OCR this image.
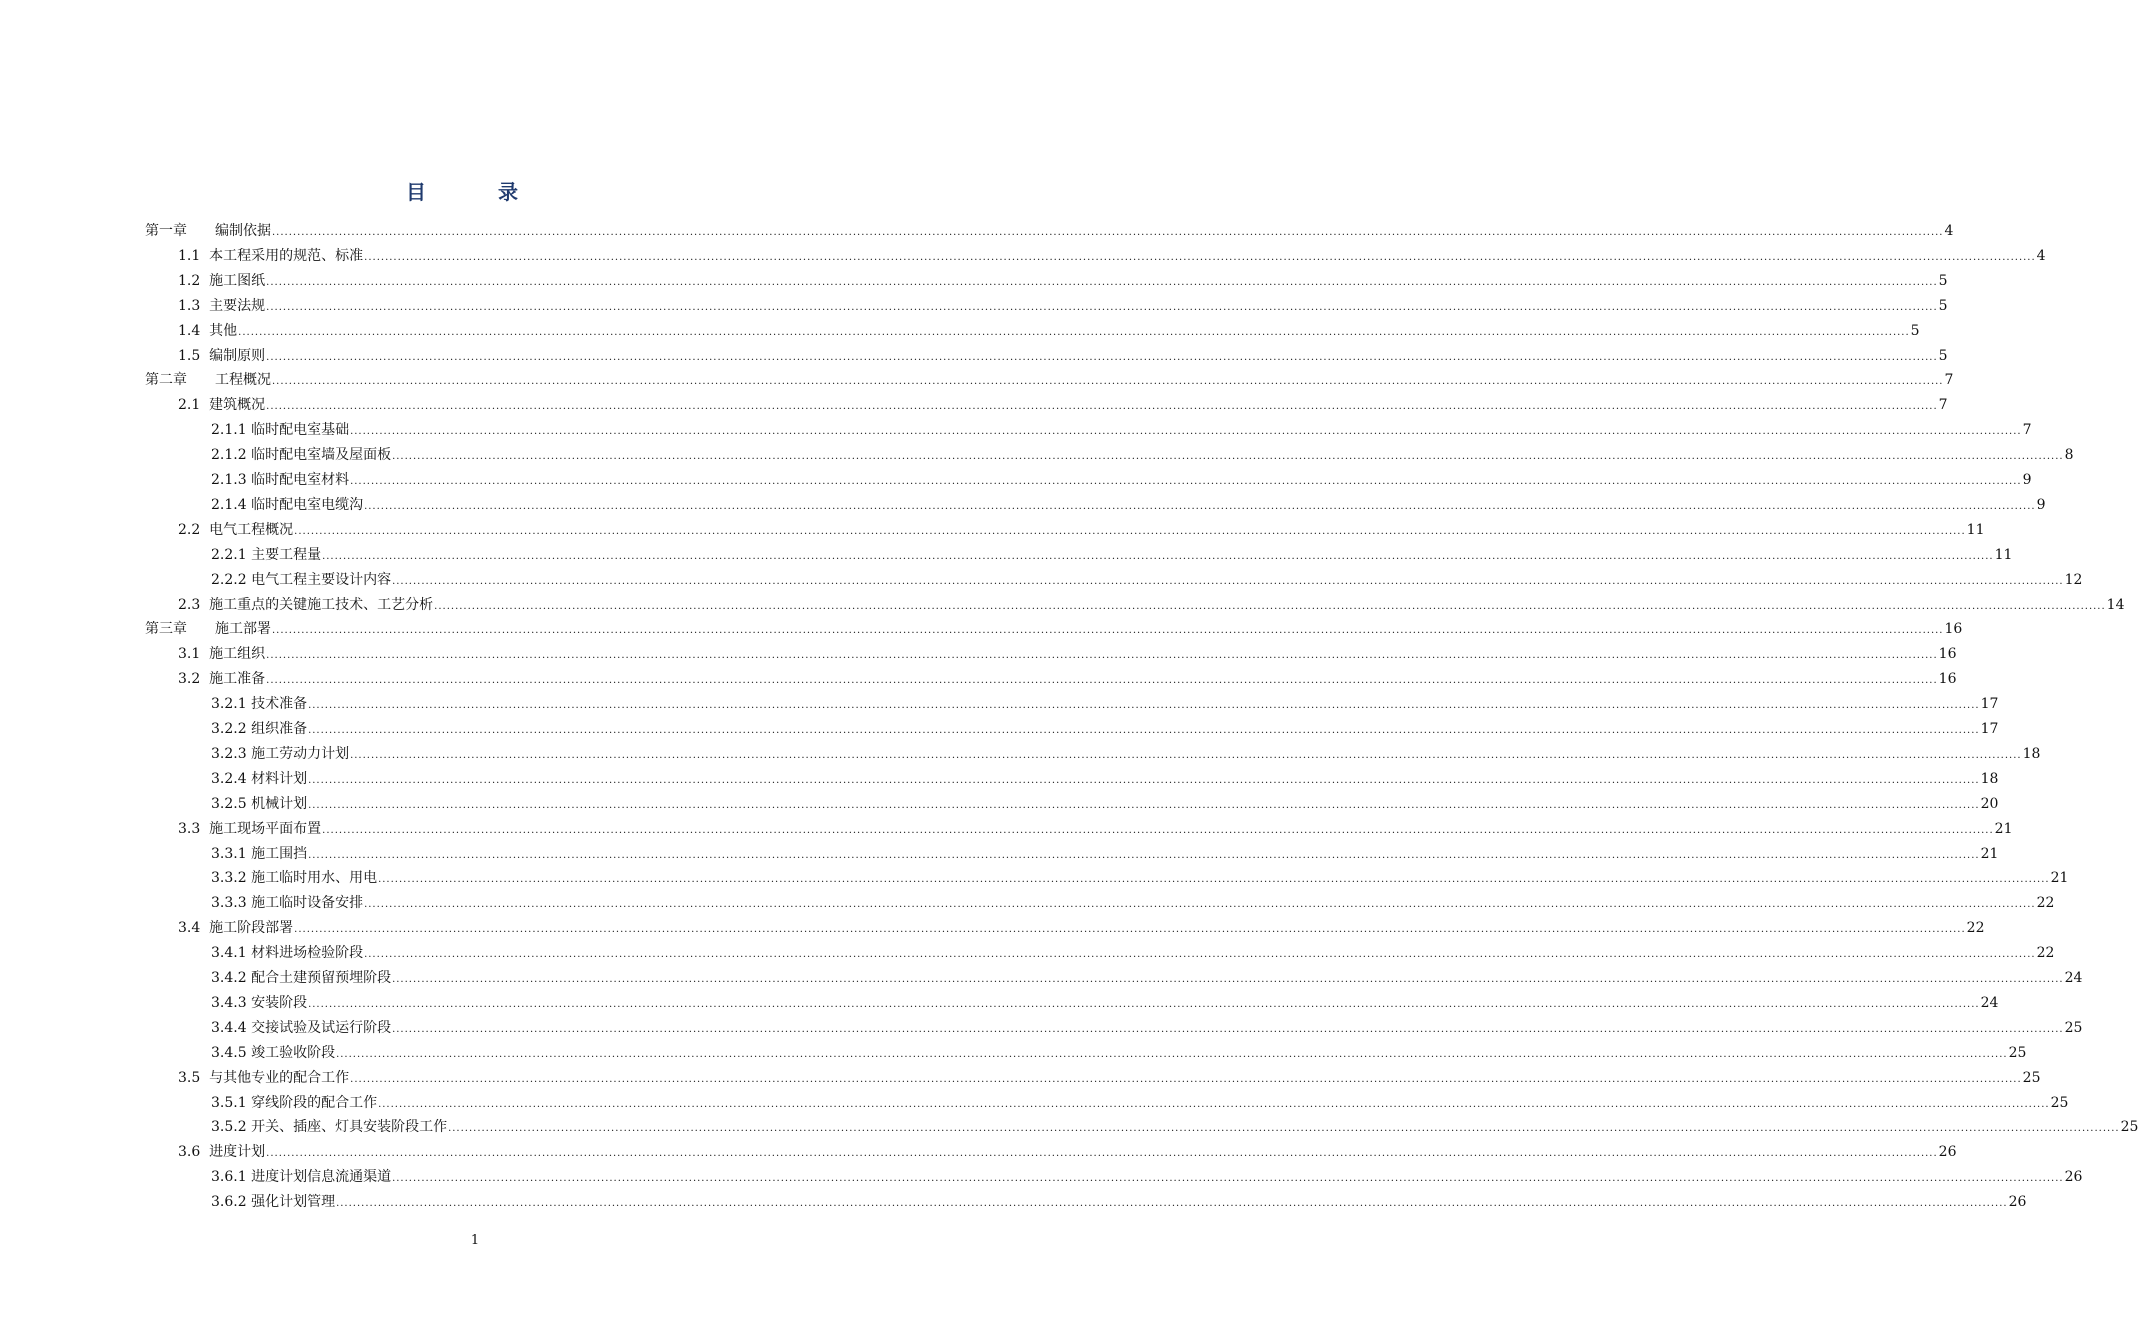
目　录
第一章　　编制依据 ................................................................................................................................................................................................................................................................................................................................................................................................................ 4
1.1  本工程采用的规范、标准 ................................................................................................................................................................................................................................................................................................................................................................................................................ 4
1.2  施工图纸 ................................................................................................................................................................................................................................................................................................................................................................................................................ 5
1.3  主要法规 ................................................................................................................................................................................................................................................................................................................................................................................................................ 5
1.4  其他 ................................................................................................................................................................................................................................................................................................................................................................................................................ 5
1.5  编制原则 ................................................................................................................................................................................................................................................................................................................................................................................................................ 5
第二章　　工程概况 ................................................................................................................................................................................................................................................................................................................................................................................................................ 7
2.1  建筑概况 ................................................................................................................................................................................................................................................................................................................................................................................................................ 7
2.1.1 临时配电室基础 ................................................................................................................................................................................................................................................................................................................................................................................................................ 7
2.1.2 临时配电室墙及屋面板 ................................................................................................................................................................................................................................................................................................................................................................................................................ 8
2.1.3 临时配电室材料 ................................................................................................................................................................................................................................................................................................................................................................................................................ 9
2.1.4 临时配电室电缆沟 ................................................................................................................................................................................................................................................................................................................................................................................................................ 9
2.2  电气工程概况 ................................................................................................................................................................................................................................................................................................................................................................................................................ 11
2.2.1 主要工程量 ................................................................................................................................................................................................................................................................................................................................................................................................................ 11
2.2.2 电气工程主要设计内容 ................................................................................................................................................................................................................................................................................................................................................................................................................ 12
2.3  施工重点的关键施工技术、工艺分析 ................................................................................................................................................................................................................................................................................................................................................................................................................ 14
第三章　　施工部署 ................................................................................................................................................................................................................................................................................................................................................................................................................ 16
3.1  施工组织 ................................................................................................................................................................................................................................................................................................................................................................................................................ 16
3.2  施工准备 ................................................................................................................................................................................................................................................................................................................................................................................................................ 16
3.2.1 技术准备 ................................................................................................................................................................................................................................................................................................................................................................................................................ 17
3.2.2 组织准备 ................................................................................................................................................................................................................................................................................................................................................................................................................ 17
3.2.3 施工劳动力计划 ................................................................................................................................................................................................................................................................................................................................................................................................................ 18
3.2.4 材料计划 ................................................................................................................................................................................................................................................................................................................................................................................................................ 18
3.2.5 机械计划 ................................................................................................................................................................................................................................................................................................................................................................................................................ 20
3.3  施工现场平面布置 ................................................................................................................................................................................................................................................................................................................................................................................................................ 21
3.3.1 施工围挡 ................................................................................................................................................................................................................................................................................................................................................................................................................ 21
3.3.2 施工临时用水、用电 ................................................................................................................................................................................................................................................................................................................................................................................................................ 21
3.3.3 施工临时设备安排 ................................................................................................................................................................................................................................................................................................................................................................................................................ 22
3.4  施工阶段部署 ................................................................................................................................................................................................................................................................................................................................................................................................................ 22
3.4.1 材料进场检验阶段 ................................................................................................................................................................................................................................................................................................................................................................................................................ 22
3.4.2 配合土建预留预埋阶段 ................................................................................................................................................................................................................................................................................................................................................................................................................ 24
3.4.3 安装阶段 ................................................................................................................................................................................................................................................................................................................................................................................................................ 24
3.4.4 交接试验及试运行阶段 ................................................................................................................................................................................................................................................................................................................................................................................................................ 25
3.4.5 竣工验收阶段 ................................................................................................................................................................................................................................................................................................................................................................................................................ 25
3.5  与其他专业的配合工作 ................................................................................................................................................................................................................................................................................................................................................................................................................ 25
3.5.1 穿线阶段的配合工作 ................................................................................................................................................................................................................................................................................................................................................................................................................ 25
3.5.2 开关、插座、灯具安装阶段工作 ................................................................................................................................................................................................................................................................................................................................................................................................................ 25
3.6  进度计划 ................................................................................................................................................................................................................................................................................................................................................................................................................ 26
3.6.1 进度计划信息流通渠道 ................................................................................................................................................................................................................................................................................................................................................................................................................ 26
3.6.2 强化计划管理 ................................................................................................................................................................................................................................................................................................................................................................................................................ 26
1
